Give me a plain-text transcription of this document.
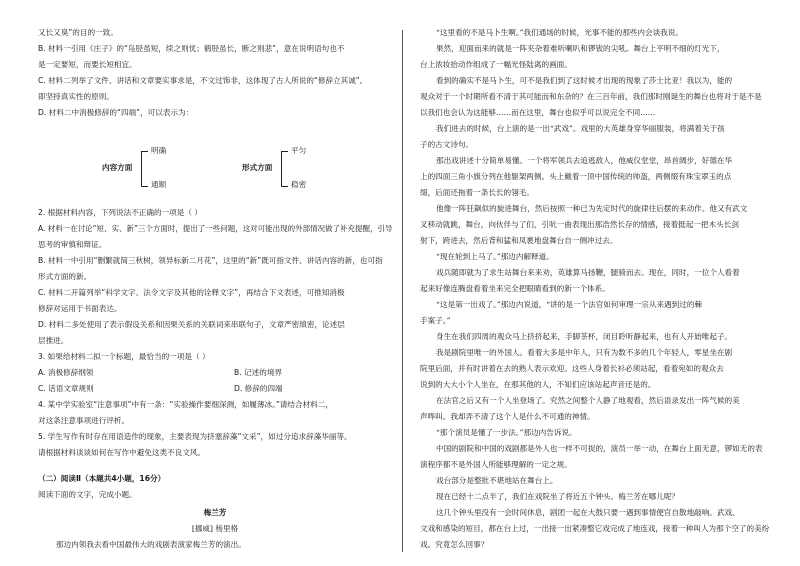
又长又臭”的目的一致。
B. 材料一引用《庄子》的“凫胫虽短，续之则忧；鹤胫虽长，断之则悲”，意在说明语句也不
是一定要短，而要长短相宜。
C. 材料二列举了文件、讲话和文章要实事求是，不文过饰非，这体现了古人所说的“修辞立其诚”,
即坚持真实性的原则。
D. 材料二中消极修辞的“四端”，可以表示为：
内容方面
明确
通顺
形式方面
平匀
稳密
2. 根据材料内容，下列说法不正确的一项是（ ）
A. 材料一在讨论“短、实、新”三个方面时，提出了一些问题，这对可能出现的外部情况做了补充提醒，引导
思考的审慎和辩证。
B. 材料一中引用“删繁就简三秋树，领异标新二月花”，这里的“新”既可指文件、讲话内容的新，也可指
形式方面的新。
C. 材料二开篇列举“科学文字、法令文字及其他的诠释文字”，再结合下文表述，可推知消极
修辞对运用于书面表达。
D. 材料二多处使用了表示假设关系和因果关系的关联词来串联句子，文章严密缜密，论述层
层推进。
3. 如果给材料二拟一个标题，最恰当的一项是（ ）
A. 消极修辞纲领	B. 记述的境界
C. 话语文章规则	D. 修辞的四端
4. 某中学实验室“注意事项”中有一条：“实验操作要细深测，如履薄冰。”请结合材料二，
对这条注意事项进行评析。
5. 学生写作有时存在用语造作的现象，主要表现为挤塞辞藻“文采”，如过分追求辞藻华丽等。
请根据材料谈谈如何在写作中避免这类不良文风。
（二）阅读Ⅱ（本题共4小题，16分）
阅读下面的文字，完成小题。
梅兰芳
[挪威] 杨里格
那边内领我去看中国最伟大的戏剧表演家梅兰芳的演出。
“这里看的不是马卜生啊。”我们通场的时候，光事不能的那些内会谈我说。
果然，迎面而来的就是一阵夹杂着难听喇叭和锣钹的尖吼。舞台上平明不细的灯光下，
台上浓妆抬动作组成了一幅光怪陆离的画面。
看到的确实不是马卜生，可不是我们到了这时候才出现的现象了莎士比亚！我以为，能的
观众对于一个时期所看不清于其可能而和东杂的？在三百年前，我们那时刚诞生的舞台也将对于是不是
以我们也会认为这能够……而在这里，舞台也似乎可以说完全不同……
我们进去的时候，台上演的是一出“武戏”。戏里的大英雄身穿华丽服装，将满着关于孩
子的古文诗句。
那出戏讲述十分简单易懂。一个将军领兵去追逃敌人，他威仪堂堂，昂首阔步，好德在华
上的四面三角小旗分列在他躯架两侧。头上戴着一顶中国传统的帅盔，两侧缀有珠宝翠玉的点
缀，后面还拖着一条长长的翎毛。
他像一阵狂飙似的旋进舞台，然后按照一种已为先定时代的旋律往后摆的来动作。他又有武文
叉移动就跳，舞台，向伙伴与了们，引吭一曲表现出那浩然长存的情感，接着挺起一把木头长剑
射下，跨进去，然后背和猛和凤裹地盘舞台自一侧冲过去。
“现在轮到上马了。”那边内解释道。
戏兵随即就为了求生站舞台来来劝，英雄算马扬鞭，腿骑而去。现在，同时，一位个人看着
起来好像连腾盘看着坐来完全把眼睛看到的新一个体系。
“这是第一出戏了。”那边内说道，“讲的是一个法官如何审理一宗从来遇到过的棘
手案子。”
身生在我们四周的观众马上挤挤起来，手脚茶杯，闭目聆听静起来，也有人开始唯起子。
我是剧院里唯一的外国人。看着大多是中年人，只有为数不多的几个年轻人，零星坐在剧
院里后面，并有时讲着在去的熟人表示欢迎。这些人身着长衫必须站起，看着宛如的观众去
说到的大大小个人坐在，在那其他的人，不知们应该站起声音还是的。
在法官之后又有一个人坐登场了。究然之间整个人静了地观看，然后语录发出一阵气候的美
声哗叫。我却弄不清了这个人是什么不可通的神情。
“那个演员是懂了一步法。”那边内告诉说。
中国的剧院和中国的戏剧都是外人也一样不可捉的，演员一举一动，在舞台上面无意，锣如无的表
演程序都不是外国人所能够理解的一定之规。
戏台部分是整批不堪地站在舞台上。
现在已经十二点半了，我们在戏院坐了将近五个钟头。梅兰芳在哪儿呢？
这几个钟头里没有一会时间休息，剧团一起在大鼓只要一遇到事情便官自散地敲响。武戏、
文戏和感染的短目，都在台上过，一出接一出紧凑整它戏完成了地连戏，接着一种叫人为那个空了的美纷
戏。究竟怎么回事？
